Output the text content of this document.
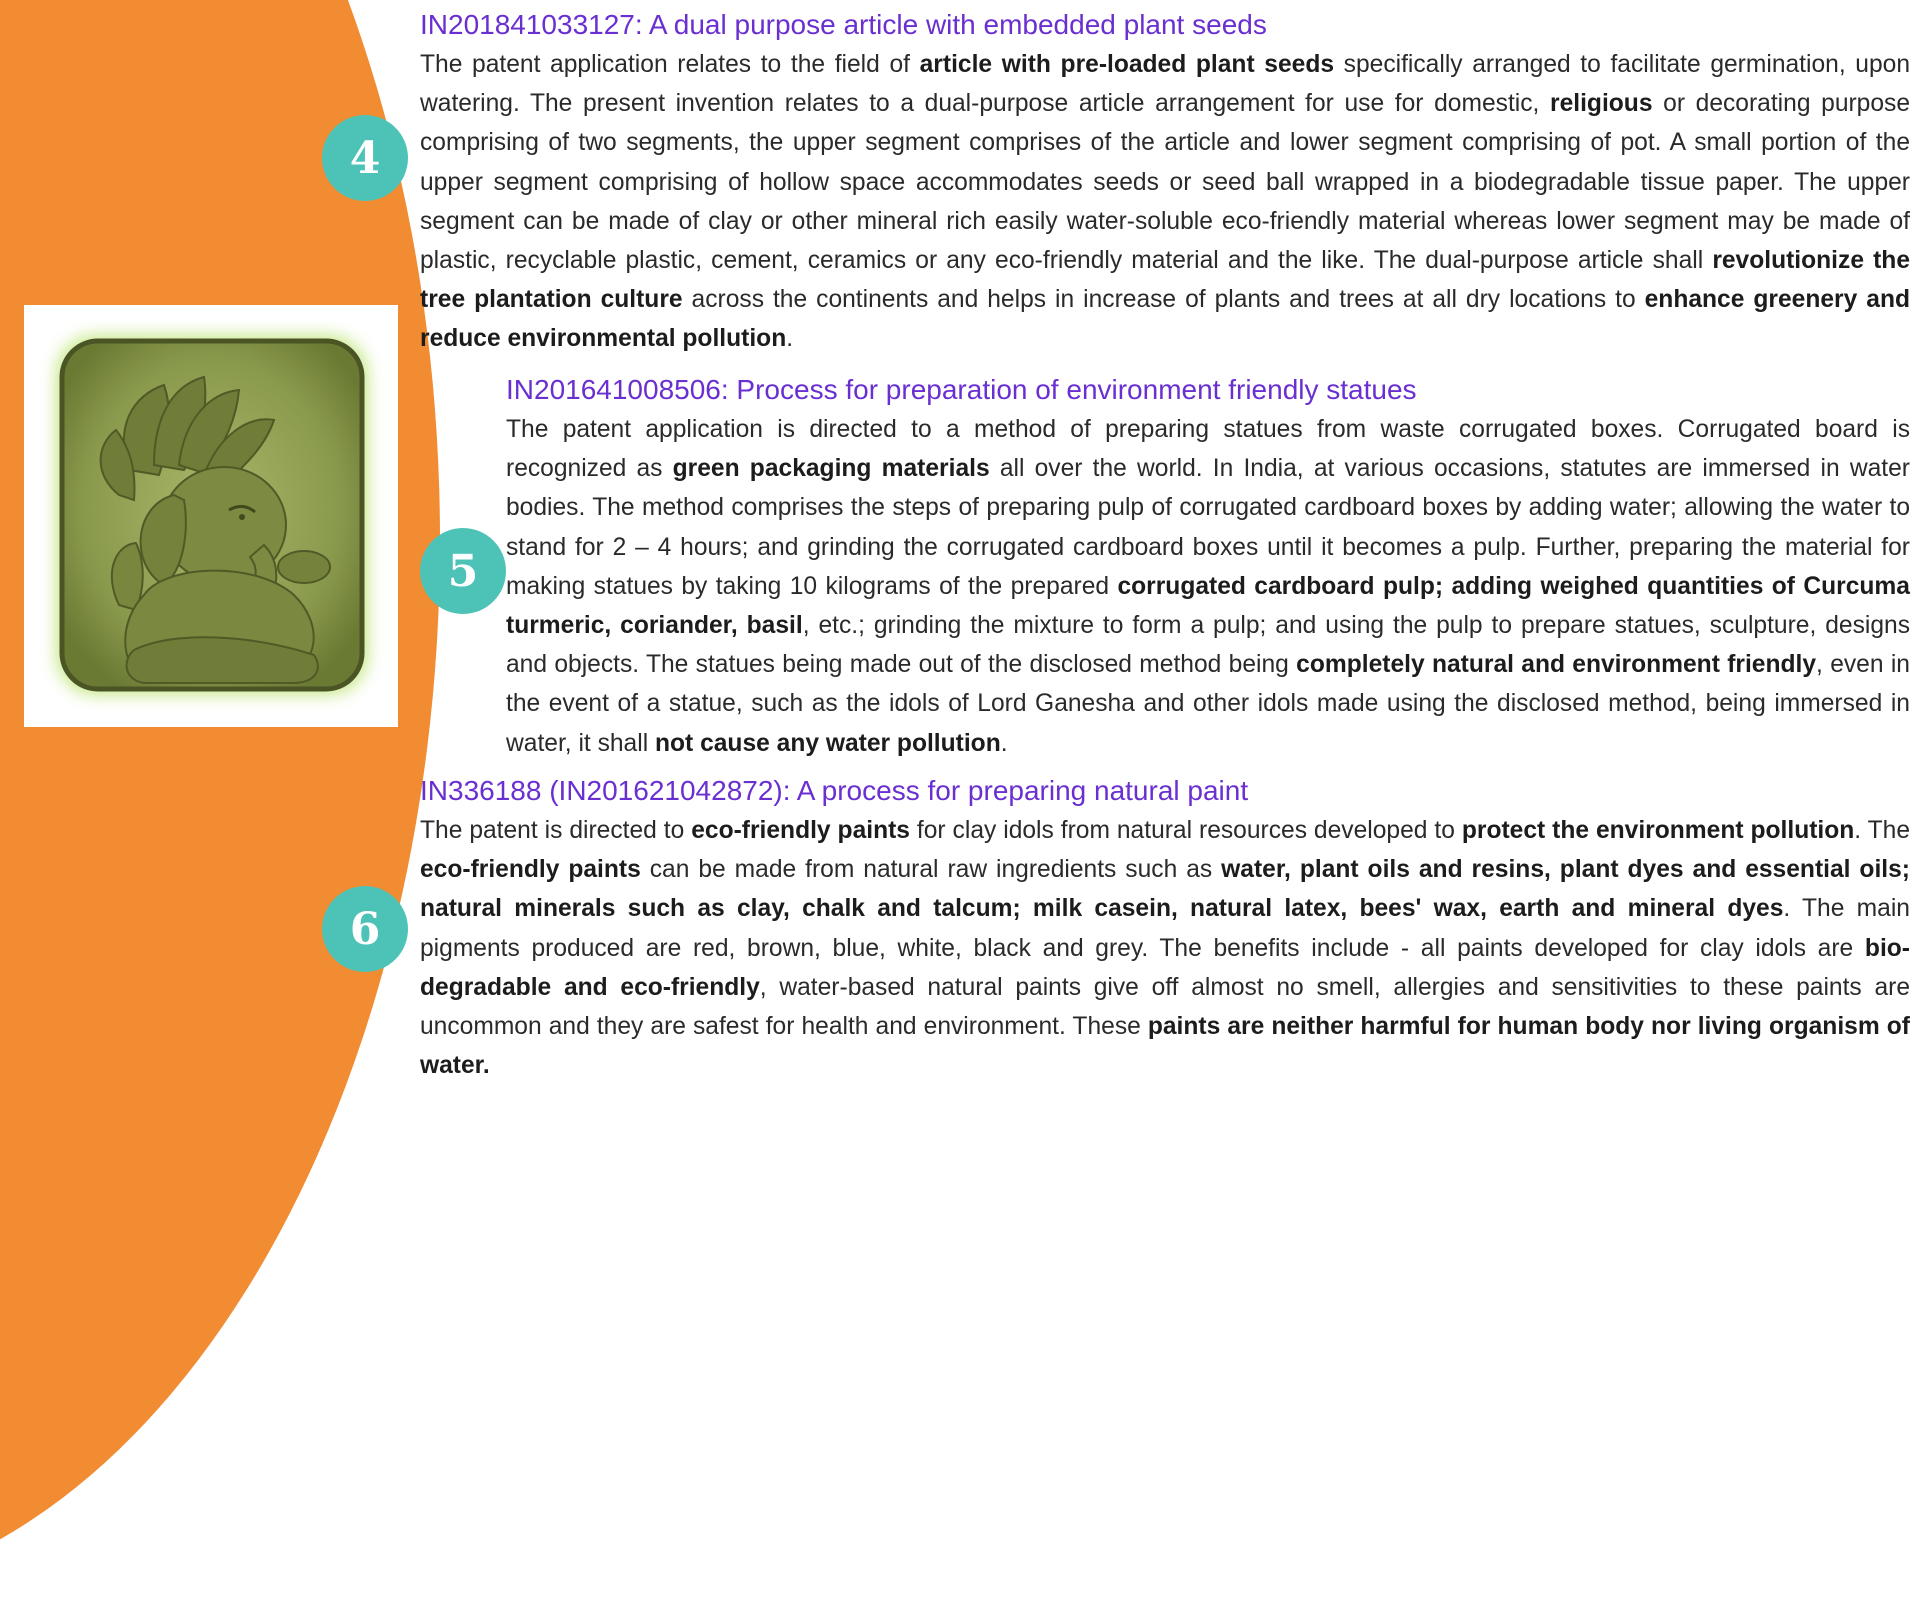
4
5
6
IN201841033127: A dual purpose article with embedded plant seeds

The patent application relates to the field of article with pre-loaded plant seeds specifically arranged to facilitate germination, upon watering. The present invention relates to a dual-purpose article arrangement for use for domestic, religious or decorating purpose comprising of two segments, the upper segment comprises of the article and lower segment comprising of pot. A small portion of the upper segment comprising of hollow space accommodates seeds or seed ball wrapped in a biodegradable tissue paper. The upper segment can be made of clay or other mineral rich easily water-soluble eco-friendly material whereas lower segment may be made of plastic, recyclable plastic, cement, ceramics or any eco-friendly material and the like. The dual-purpose article shall revolutionize the tree plantation culture across the continents and helps in increase of plants and trees at all dry locations to enhance greenery and reduce environmental pollution.

IN201641008506: Process for preparation of environment friendly statues

The patent application is directed to a method of preparing statues from waste corrugated boxes. Corrugated board is recognized as green packaging materials all over the world. In India, at various occasions, statutes are immersed in water bodies. The method comprises the steps of preparing pulp of corrugated cardboard boxes by adding water; allowing the water to stand for 2 – 4 hours; and grinding the corrugated cardboard boxes until it becomes a pulp. Further, preparing the material for making statues by taking 10 kilograms of the prepared corrugated cardboard pulp; adding weighed quantities of Curcuma turmeric, coriander, basil, etc.; grinding the mixture to form a pulp; and using the pulp to prepare statues, sculpture, designs and objects. The statues being made out of the disclosed method being completely natural and environment friendly, even in the event of a statue, such as the idols of Lord Ganesha and other idols made using the disclosed method, being immersed in water, it shall not cause any water pollution.

IN336188 (IN201621042872): A process for preparing natural paint

The patent is directed to eco-friendly paints for clay idols from natural resources developed to protect the environment pollution. The eco-friendly paints can be made from natural raw ingredients such as water, plant oils and resins, plant dyes and essential oils; natural minerals such as clay, chalk and talcum; milk casein, natural latex, bees' wax, earth and mineral dyes. The main pigments produced are red, brown, blue, white, black and grey. The benefits include - all paints developed for clay idols are bio-degradable and eco-friendly, water-based natural paints give off almost no smell, allergies and sensitivities to these paints are uncommon and they are safest for health and environment. These paints are neither harmful for human body nor living organism of water.
